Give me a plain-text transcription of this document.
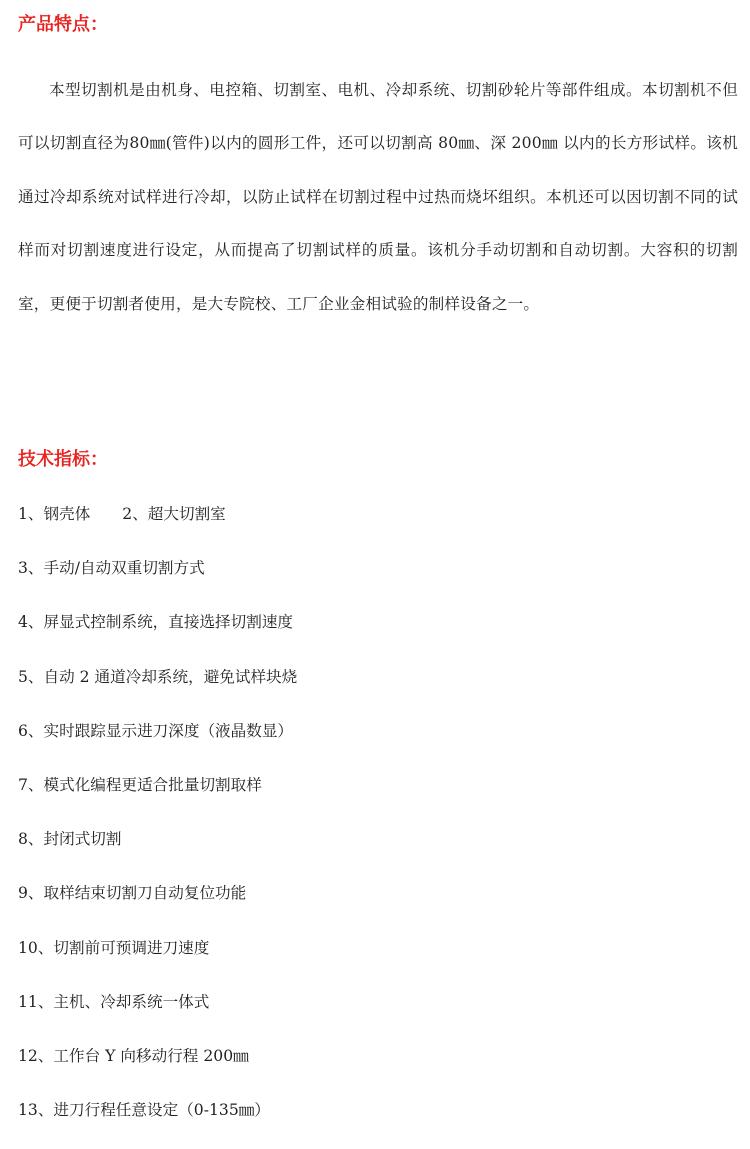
产品特点：

本型切割机是由机身、电控箱、切割室、电机、冷却系统、切割砂轮片等部件组成。本切割机不但可以切割直径为80㎜(管件)以内的圆形工件，还可以切割高 80㎜、深 200㎜ 以内的长方形试样。该机通过冷却系统对试样进行冷却，以防止试样在切割过程中过热而烧坏组织。本机还可以因切割不同的试样而对切割速度进行设定，从而提高了切割试样的质量。该机分手动切割和自动切割。大容积的切割室，更便于切割者使用，是大专院校、工厂企业金相试验的制样设备之一。

技术指标：
1、钢壳体 2、超大切割室
3、手动/自动双重切割方式
4、屏显式控制系统，直接选择切割速度
5、自动 2 通道冷却系统，避免试样块烧
6、实时跟踪显示进刀深度（液晶数显）
7、模式化编程更适合批量切割取样
8、封闭式切割
9、取样结束切割刀自动复位功能
10、切割前可预调进刀速度
11、主机、冷却系统一体式
12、工作台 Y 向移动行程 200㎜
13、进刀行程任意设定（0-135㎜）
